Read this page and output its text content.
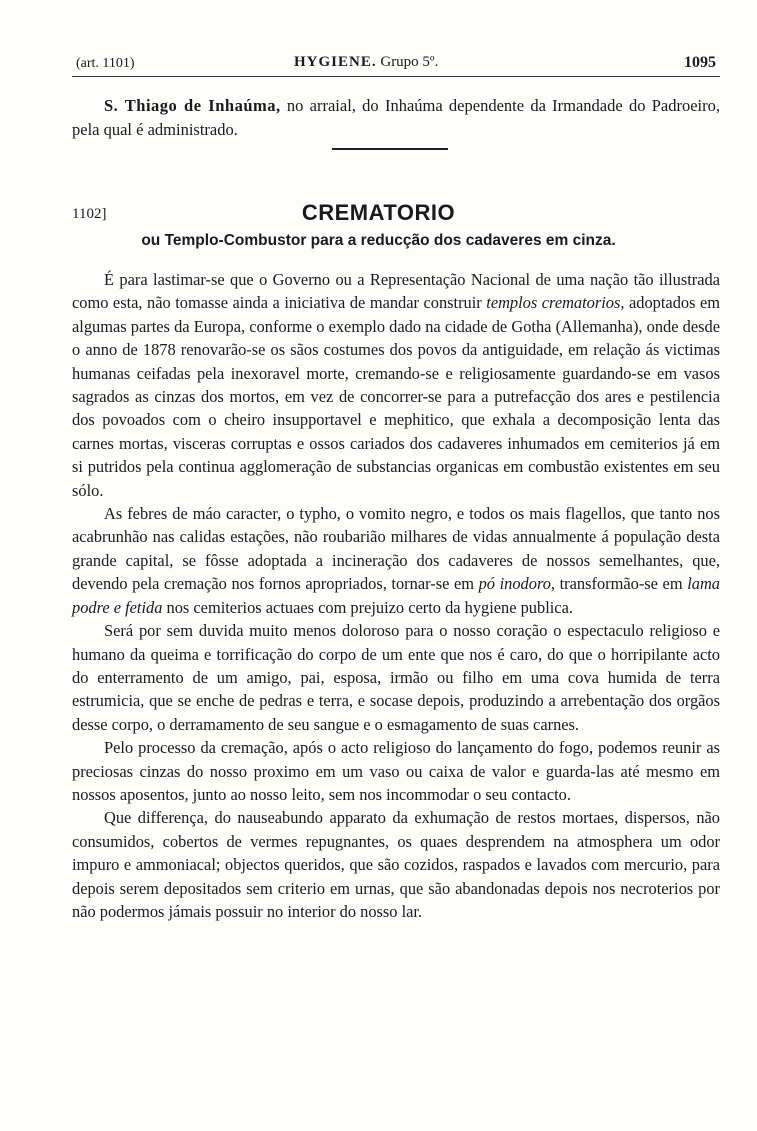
(art. 1101)	HYGIENE. Grupo 5º.	1095
S. Thiago de Inhaúma, no arraial, do Inhaúma dependente da Irmandade do Padroeiro, pela qual é administrado.
1102]	CREMATORIO
ou Templo-Combustor para a reducção dos cadaveres em cinza.

É para lastimar-se que o Governo ou a Representação Nacional de uma nação tão illustrada como esta, não tomasse ainda a iniciativa de mandar construir templos crematorios, adoptados em algumas partes da Europa, conforme o exemplo dado na cidade de Gotha (Allemanha), onde desde o anno de 1878 renovarão-se os sãos costumes dos povos da antiguidade, em relação ás victimas humanas ceifadas pela inexoravel morte, cremando-se e religiosamente guardando-se em vasos sagrados as cinzas dos mortos, em vez de concorrer-se para a putrefacção dos ares e pestilencia dos povoados com o cheiro insupportavel e mephitico, que exhala a decomposição lenta das carnes mortas, visceras corruptas e ossos cariados dos cadaveres inhumados em cemiterios já em si putridos pela continua agglomeração de substancias organicas em combustão existentes em seu sólo.

As febres de máo caracter, o typho, o vomito negro, e todos os mais flagellos, que tanto nos acabrunhão nas calidas estações, não roubarião milhares de vidas annualmente á população desta grande capital, se fôsse adoptada a incineração dos cadaveres de nossos semelhantes, que, devendo pela cremação nos fornos apropriados, tornar-se em pó inodoro, transformão-se em lama podre e fetida nos cemiterios actuaes com prejuizo certo da hygiene publica.

Será por sem duvida muito menos doloroso para o nosso coração o espectaculo religioso e humano da queima e torrificação do corpo de um ente que nos é caro, do que o horripilante acto do enterramento de um amigo, pai, esposa, irmão ou filho em uma cova humida de terra estrumicia, que se enche de pedras e terra, e socase depois, produzindo a arrebentação dos orgãos desse corpo, o derramamento de seu sangue e o esmagamento de suas carnes.

Pelo processo da cremação, após o acto religioso do lançamento do fogo, podemos reunir as preciosas cinzas do nosso proximo em um vaso ou caixa de valor e guarda-las até mesmo em nossos aposentos, junto ao nosso leito, sem nos incommodar o seu contacto.

Que differença, do nauseabundo apparato da exhumação de restos mortaes, dispersos, não consumidos, cobertos de vermes repugnantes, os quaes desprendem na atmosphera um odor impuro e ammoniacal; objectos queridos, que são cozidos, raspados e lavados com mercurio, para depois serem depositados sem criterio em urnas, que são abandonadas depois nos necroterios por não podermos jámais possuir no interior do nosso lar.
